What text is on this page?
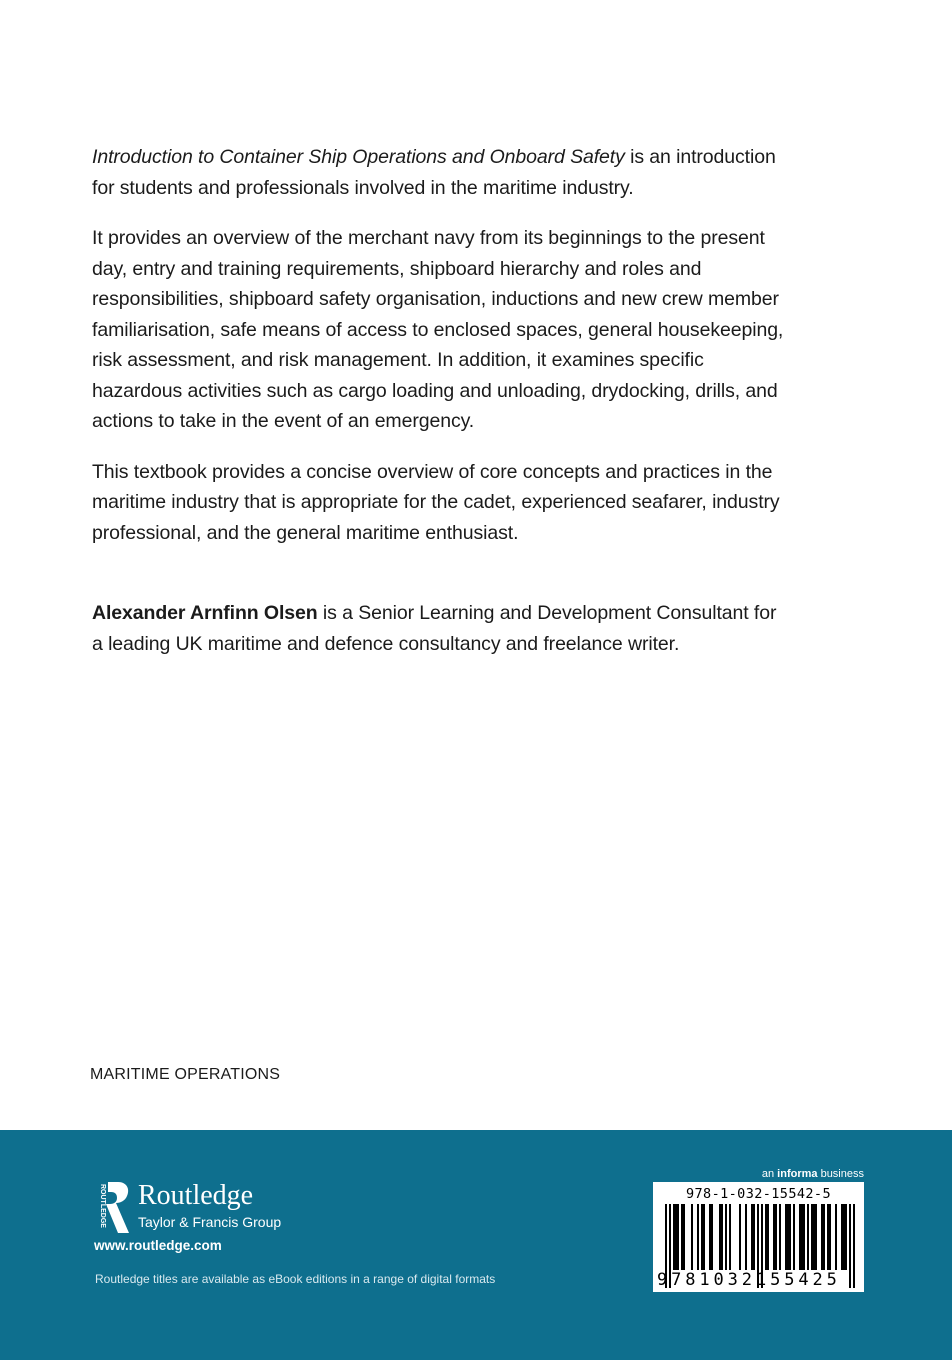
Introduction to Container Ship Operations and Onboard Safety is an introduction for students and professionals involved in the maritime industry.

It provides an overview of the merchant navy from its beginnings to the present day, entry and training requirements, shipboard hierarchy and roles and responsibilities, shipboard safety organisation, inductions and new crew member familiarisation, safe means of access to enclosed spaces, general housekeeping, risk assessment, and risk management. In addition, it examines specific hazardous activities such as cargo loading and unloading, drydocking, drills, and actions to take in the event of an emergency.

This textbook provides a concise overview of core concepts and practices in the maritime industry that is appropriate for the cadet, experienced seafarer, industry professional, and the general maritime enthusiast.

Alexander Arnfinn Olsen is a Senior Learning and Development Consultant for a leading UK maritime and defence consultancy and freelance writer.

MARITIME OPERATIONS
ROUTLEDGE Routledge
Taylor & Francis Group
www.routledge.com
Routledge titles are available as eBook editions in a range of digital formats
an informa business
978-1-032-15542-5
9781032155425
